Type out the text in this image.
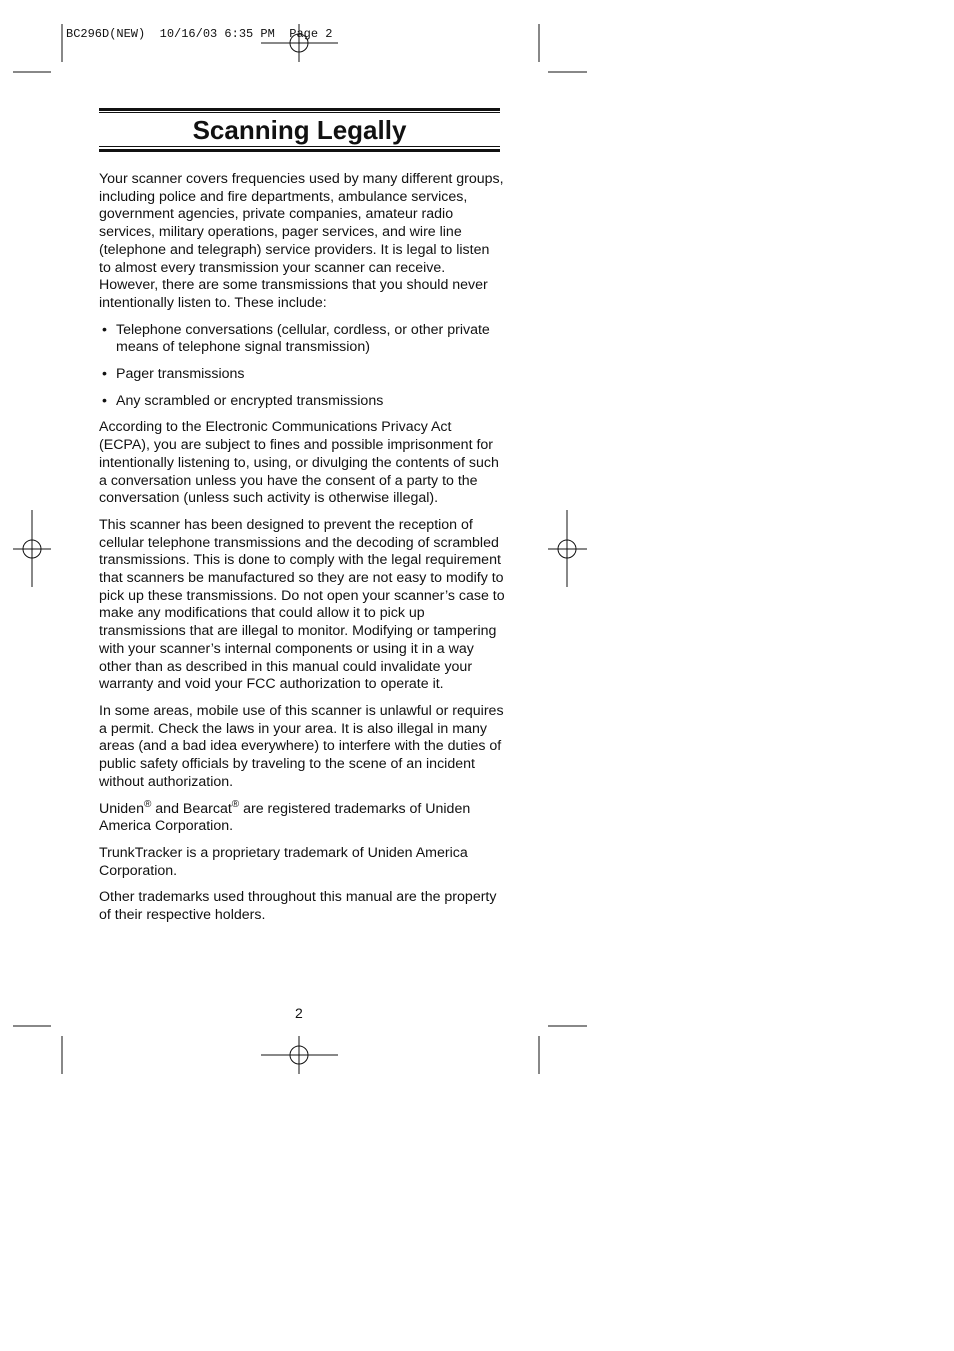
BC296D(NEW)  10/16/03 6:35 PM  Page 2
Scanning Legally

Your scanner covers frequencies used by many different groups, including police and fire departments, ambulance services, government agencies, private companies, amateur radio services, military operations, pager services, and wire line (telephone and telegraph) service providers. It is legal to listen to almost every transmission your scanner can receive. However, there are some transmissions that you should never intentionally listen to. These include:

• Telephone conversations (cellular, cordless, or other private means of telephone signal transmission)
• Pager transmissions
• Any scrambled or encrypted transmissions

According to the Electronic Communications Privacy Act (ECPA), you are subject to fines and possible imprisonment for intentionally listening to, using, or divulging the contents of such a conversation unless you have the consent of a party to the conversation (unless such activity is otherwise illegal).

This scanner has been designed to prevent the reception of cellular telephone transmissions and the decoding of scrambled transmissions. This is done to comply with the legal requirement that scanners be manufactured so they are not easy to modify to pick up these transmissions. Do not open your scanner’s case to make any modifications that could allow it to pick up transmissions that are illegal to monitor. Modifying or tampering with your scanner’s internal components or using it in a way other than as described in this manual could invalidate your warranty and void your FCC authorization to operate it.

In some areas, mobile use of this scanner is unlawful or requires a permit. Check the laws in your area. It is also illegal in many areas (and a bad idea everywhere) to interfere with the duties of public safety officials by traveling to the scene of an incident without authorization.

Uniden® and Bearcat® are registered trademarks of Uniden America Corporation.

TrunkTracker is a proprietary trademark of Uniden America Corporation.

Other trademarks used throughout this manual are the property of their respective holders.

2
